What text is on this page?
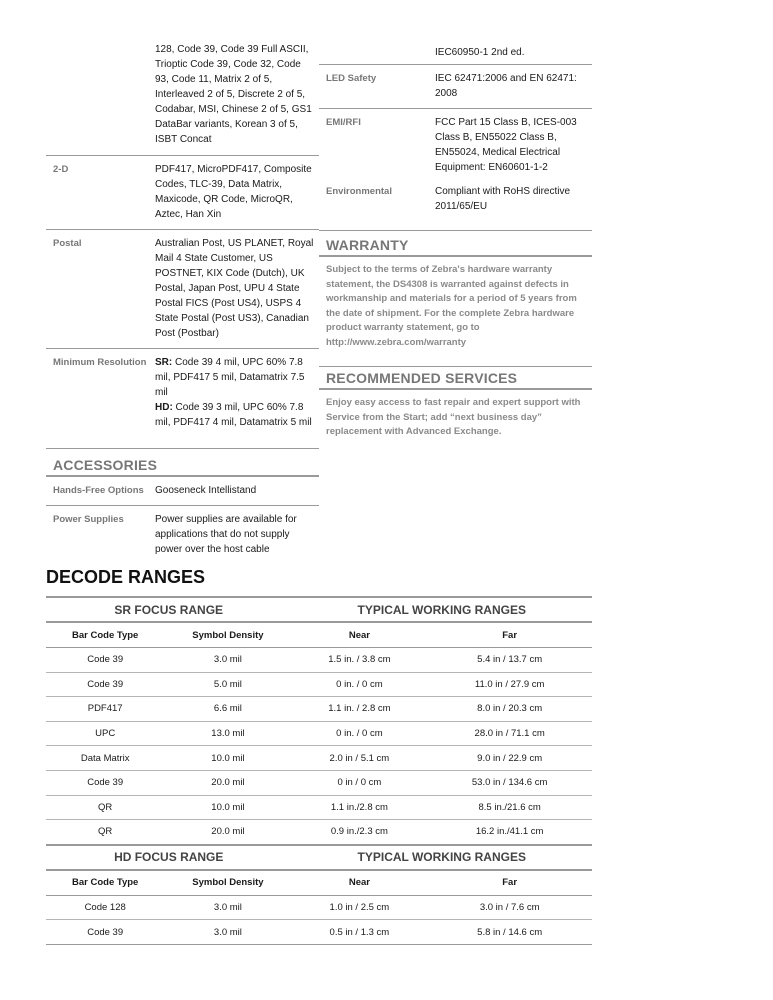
128, Code 39, Code 39 Full ASCII, Trioptic Code 39, Code 32, Code 93, Code 11, Matrix 2 of 5, Interleaved 2 of 5, Discrete 2 of 5, Codabar, MSI, Chinese 2 of 5, GS1 DataBar variants, Korean 3 of 5, ISBT Concat
2-D	PDF417, MicroPDF417, Composite Codes, TLC-39, Data Matrix, Maxicode, QR Code, MicroQR, Aztec, Han Xin
Postal	Australian Post, US PLANET, Royal Mail 4 State Customer, US POSTNET, KIX Code (Dutch), UK Postal, Japan Post, UPU 4 State Postal FICS (Post US4), USPS 4 State Postal (Post US3), Canadian Post (Postbar)
Minimum Resolution SR: Code 39 4 mil, UPC 60% 7.8 mil, PDF417 5 mil, Datamatrix 7.5 mil
HD: Code 39 3 mil, UPC 60% 7.8 mil, PDF417 4 mil, Datamatrix 5 mil
ACCESSORIES
Hands-Free Options	Gooseneck Intellistand
Power Supplies	Power supplies are available for applications that do not supply power over the host cable
IEC60950-1 2nd ed.
LED Safety	IEC 62471:2006 and EN 62471: 2008
EMI/RFI	FCC Part 15 Class B, ICES-003 Class B, EN55022 Class B, EN55024, Medical Electrical Equipment: EN60601-1-2
Environmental	Compliant with RoHS directive 2011/65/EU
WARRANTY
Subject to the terms of Zebra's hardware warranty statement, the DS4308 is warranted against defects in workmanship and materials for a period of 5 years from the date of shipment. For the complete Zebra hardware product warranty statement, go to http://www.zebra.com/warranty
RECOMMENDED SERVICES
Enjoy easy access to fast repair and expert support with Service from the Start; add “next business day” replacement with Advanced Exchange.
DECODE RANGES
SR FOCUS RANGE		TYPICAL WORKING RANGES	
Bar Code Type	Symbol Density	Near	Far
Code 39	3.0 mil	1.5 in. / 3.8 cm	5.4 in / 13.7 cm
Code 39	5.0 mil	0 in. / 0 cm	11.0 in / 27.9 cm
PDF417	6.6 mil	1.1 in. / 2.8 cm	8.0 in / 20.3 cm
UPC	13.0 mil	0 in. / 0 cm	28.0 in / 71.1 cm
Data Matrix	10.0 mil	2.0 in / 5.1 cm	9.0 in / 22.9 cm
Code 39	20.0 mil	0 in / 0 cm	53.0 in / 134.6 cm
QR	10.0 mil	1.1 in./2.8 cm	8.5 in./21.6 cm
QR	20.0 mil	0.9 in./2.3 cm	16.2 in./41.1 cm
HD FOCUS RANGE		TYPICAL WORKING RANGES	
Bar Code Type	Symbol Density	Near	Far
Code 128	3.0 mil	1.0 in / 2.5 cm	3.0 in / 7.6 cm
Code 39	3.0 mil	0.5 in / 1.3 cm	5.8 in / 14.6 cm
